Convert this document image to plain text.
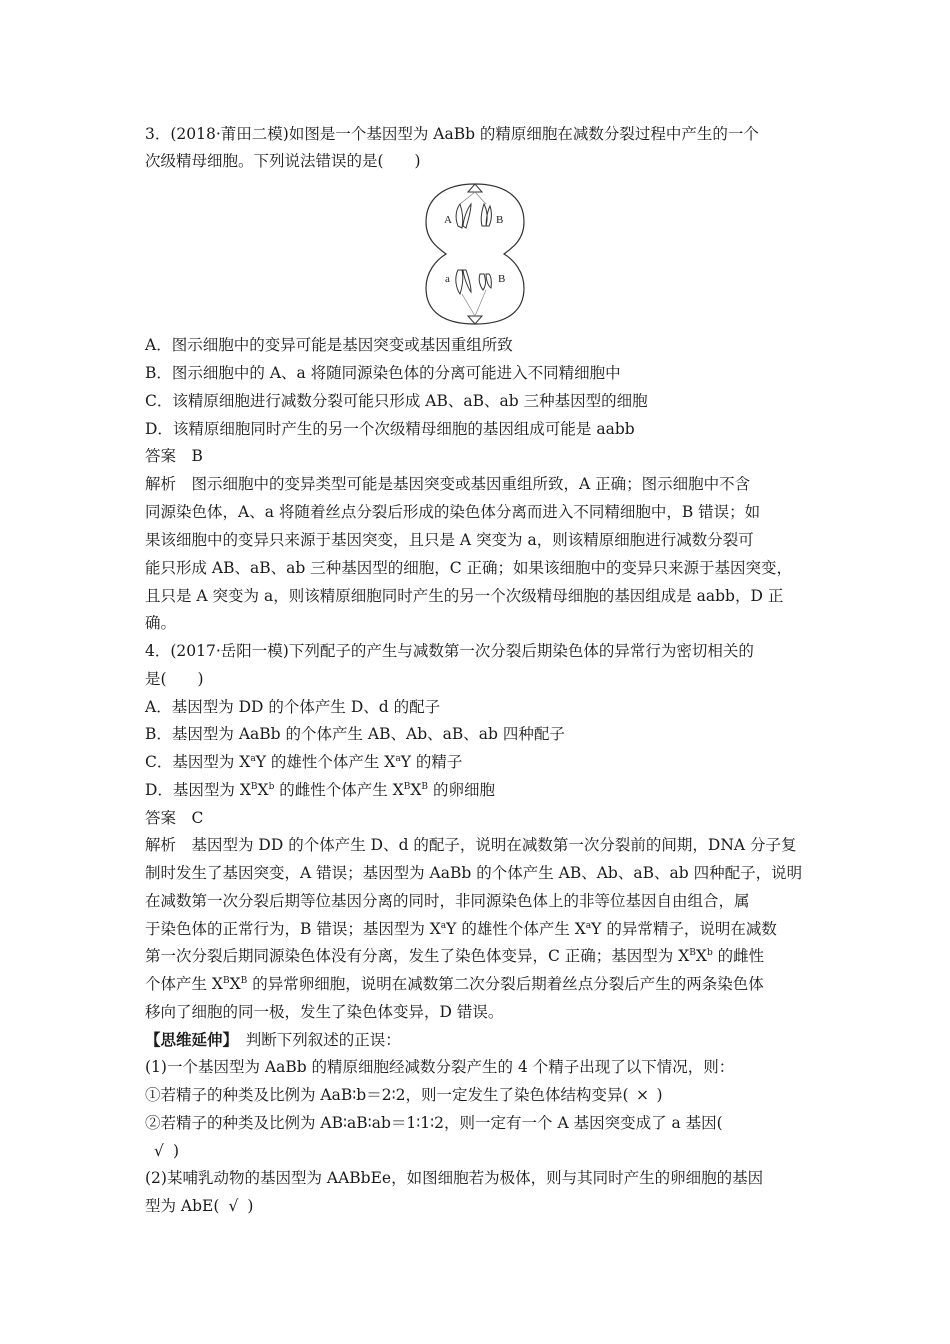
3．(2018·莆田二模)如图是一个基因型为 AaBb 的精原细胞在减数分裂过程中产生的一个
次级精母细胞。下列说法错误的是(　　)
A	B
a	B
A．图示细胞中的变异可能是基因突变或基因重组所致
B．图示细胞中的 A、a 将随同源染色体的分离可能进入不同精细胞中
C．该精原细胞进行减数分裂可能只形成 AB、aB、ab 三种基因型的细胞
D．该精原细胞同时产生的另一个次级精母细胞的基因组成可能是 aabb
答案　B
解析　图示细胞中的变异类型可能是基因突变或基因重组所致，A 正确；图示细胞中不含
同源染色体，A、a 将随着丝点分裂后形成的染色体分离而进入不同精细胞中，B 错误；如
果该细胞中的变异只来源于基因突变，且只是 A 突变为 a，则该精原细胞进行减数分裂可
能只形成 AB、aB、ab 三种基因型的细胞，C 正确；如果该细胞中的变异只来源于基因突变，
且只是 A 突变为 a，则该精原细胞同时产生的另一个次级精母细胞的基因组成是 aabb，D 正
确。
4．(2017·岳阳一模)下列配子的产生与减数第一次分裂后期染色体的异常行为密切相关的
是(　　)
A．基因型为 DD 的个体产生 D、d 的配子
B．基因型为 AaBb 的个体产生 AB、Ab、aB、ab 四种配子
C．基因型为 $X^aY$ 的雄性个体产生 $X^aY$ 的精子
D．基因型为 $X^BX^b$ 的雌性个体产生 $X^BX^B$ 的卵细胞
答案　C
解析　基因型为 DD 的个体产生 D、d 的配子，说明在减数第一次分裂前的间期，DNA 分子复
制时发生了基因突变，A 错误；基因型为 AaBb 的个体产生 AB、Ab、aB、ab 四种配子，说明
在减数第一次分裂后期等位基因分离的同时，非同源染色体上的非等位基因自由组合，属
于染色体的正常行为，B 错误；基因型为 $X^aY$ 的雄性个体产生 $X^aY$ 的异常精子，说明在减数
第一次分裂后期同源染色体没有分离，发生了染色体变异，C 正确；基因型为 $X^BX^b$ 的雌性
个体产生 $X^BX^B$ 的异常卵细胞，说明在减数第二次分裂后期着丝点分裂后产生的两条染色体
移向了细胞的同一极，发生了染色体变异，D 错误。
【思维延伸】　 判断下列叙述的正误：
(1)一个基因型为 AaBb 的精原细胞经减数分裂产生的 4 个精子出现了以下情况，则：
①若精子的种类及比例为 AaB∶b＝2∶2，则一定发生了染色体结构变异( × )
②若精子的种类及比例为 AB∶aB∶ab＝1∶1∶2，则一定有一个 A 基因突变成了 a 基因(
√ )
(2)某哺乳动物的基因型为 AABbEe，如图细胞若为极体，则与其同时产生的卵细胞的基因
型为 AbE( √ )
